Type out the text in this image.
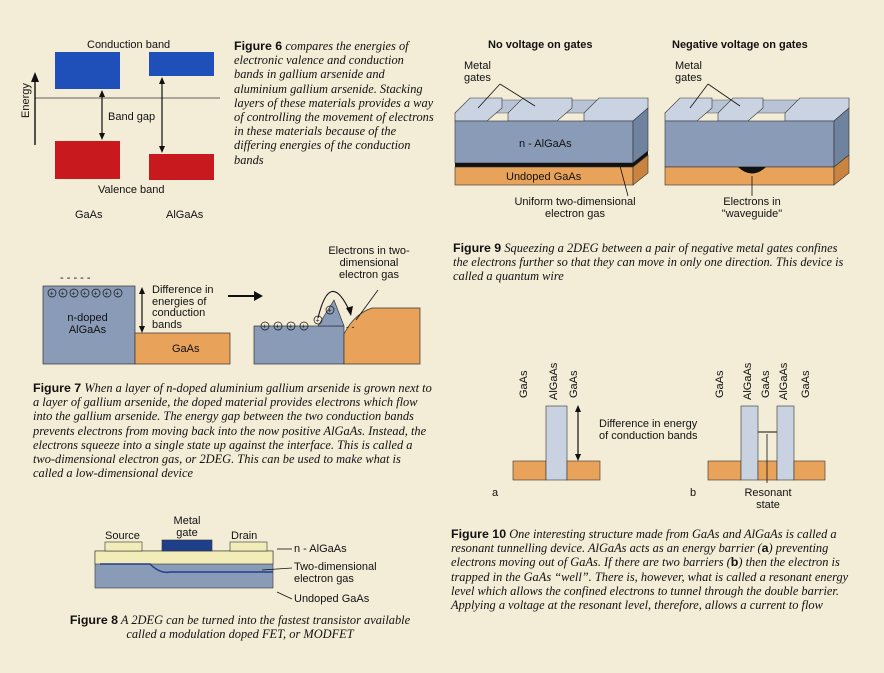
Conduction band
Energy	Band gap
Valence band
GaAs	AlGaAs
Figure 6 compares the energies of electronic valence and conduction bands in gallium arsenide and aluminium gallium arsenide. Stacking layers of these materials provides a way of controlling the movement of electrons in these materials because of the differing energies of the conduction bands
No voltage on gates	Negative voltage on gates
Metal gates
Metal gates
n - AlGaAs
Undoped GaAs
Uniform two-dimensional electron gas
Electrons in "waveguide"
Figure 9 Squeezing a 2DEG between a pair of negative metal gates confines the electrons further so that they can move in only one direction. This device is called a quantum wire
- - - - -
+ + + + + + +
+ + + +
+
+
- -
Difference in energies of conduction bands
n-doped AlGaAs
GaAs
Electrons in two-dimensional electron gas
Figure 7 When a layer of n-doped aluminium gallium arsenide is grown next to a layer of gallium arsenide, the doped material provides electrons which flow into the gallium arsenide. The energy gap between the two conduction bands prevents electrons from moving back into the now positive AlGaAs. Instead, the electrons squeeze into a single state up against the interface. This is called a two-dimensional electron gas, or 2DEG. This can be used to make what is called a low-dimensional device
GaAs AlGaAs GaAs
Difference in energy of conduction bands
a
GaAs AlGaAs GaAs AlGaAs GaAs
b	Resonant state
Figure 10 One interesting structure made from GaAs and AlGaAs is called a resonant tunnelling device. AlGaAs acts as an energy barrier (a) preventing electrons moving out of GaAs. If there are two barriers (b) then the electron is trapped in the GaAs “well”. There is, however, what is called a resonant energy level which allows the confined electrons to tunnel through the double barrier. Applying a voltage at the resonant level, therefore, allows a current to flow
Metal gate
Source	Drain
n - AlGaAs
Two-dimensional electron gas
Undoped GaAs
Figure 8 A 2DEG can be turned into the fastest transistor available called a modulation doped FET, or MODFET
